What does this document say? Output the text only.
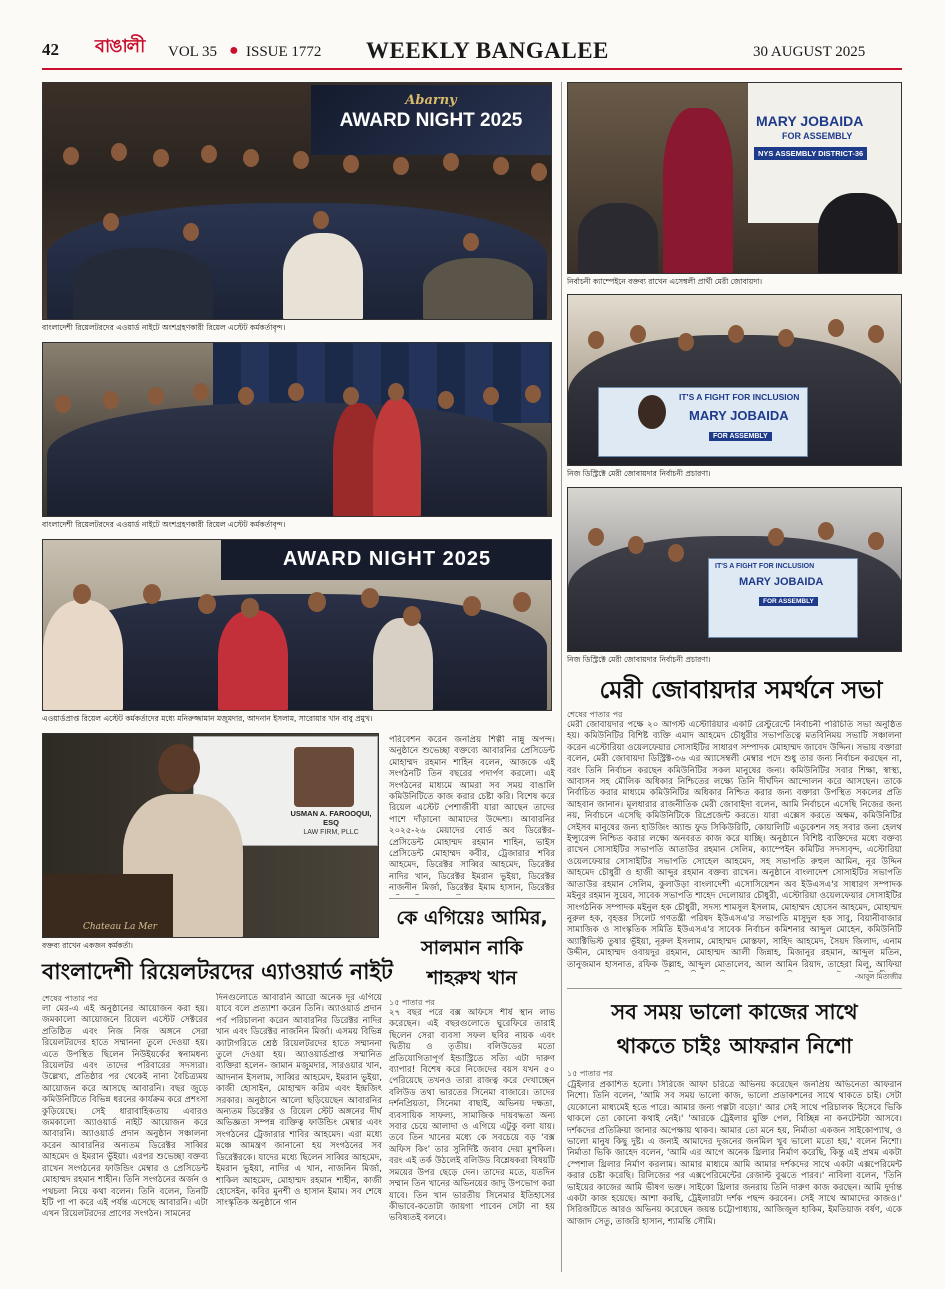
42 বাঙালী	VOL 35 ● ISSUE 1772 WEEKLY BANGALEE	30 AUGUST 2025
Abarny
AWARD NIGHT 2025
বাংলাদেশী রিয়েলটরদের এওয়ার্ড নাইটে অংশগ্রহণকারী রিয়েল এস্টেট কর্মকর্তাবৃন্দ।
বাংলাদেশী রিয়েলটরদের এওয়ার্ড নাইটে অংশগ্রহণকারী রিয়েল এস্টেট কর্মকর্তাবৃন্দ।
AWARD NIGHT 2025
এওয়ার্ডপ্রাপ্ত রিয়েল এস্টেট কর্মকর্তাদের মধ্যে মনিরুজ্জামান মজুমদার, আদনান ইসলাম, সারোয়ার খান বাবু প্রমুখ।
USMAN A. FAROOQUI, ESQ
LAW FIRM, PLLC
Chateau La Mer
বক্তব্য রাখেন একজন কর্মকর্তা।
বাংলাদেশী রিয়েলটরদের এ্যাওয়ার্ড নাইট
শেষের পাতার পর
লা মের-এ এই অনুষ্ঠানের আয়োজন করা হয়। জমকালো আয়োজনে রিয়েল এস্টেট সেক্টরের প্রতিষ্ঠিত এবং নিজ নিজ অঙ্গনে সেরা রিয়েলটরদের হাতে সম্মাননা তুলে দেওয়া হয়। এতে উপস্থিত ছিলেন নিউইয়র্কের স্বনামধন্য রিয়েলটর এবং তাদের পরিবারের সদস্যরা। উল্লেখ্য, প্রতিষ্ঠার পর থেকেই নানা বৈচিত্র্যময় আয়োজন করে আসছে আবারনি। বছর জুড়ে কমিউনিটিতে বিভিন্ন ধরনের কার্যক্রম করে প্রশংসা কুড়িয়েছে। সেই ধারাবাহিকতায় এবারও জমকালো অ্যাওয়ার্ড নাইট আয়োজন করে আবারনি। অ্যাওয়ার্ড প্রদান অনুষ্ঠান সঞ্চালনা করেন আবারনির অন্যতম ডিরেক্টর সাব্বির আহমেদ ও ইমরান ভুঁইয়া। এরপর শুভেচ্ছা বক্তব্য রাখেন সংগঠনের ফাউন্ডিং মেম্বার ও প্রেসিডেন্ট মোহাম্মদ রহমান শাহীন। তিনি সংগঠনের অর্জন ও পথচলা নিয়ে কথা বলেন। তিনি বলেন, তিনটি ইটি পা পা করে এই পর্যন্ত এসেছে আবারনি। এটা এখন রিয়েলটরদের প্রাণের সংগঠন। সামনের
দিনগুলোতে আবারনি আরো অনেক দূর এগিয়ে যাবে বলে প্রত্যাশা করেন তিনি। অ্যাওয়ার্ড প্রদান পর্ব পরিচালনা করেন আবারনির ডিরেক্টর নাদির খান এবং ডিরেক্টর নাজনিন মির্জা। এসময় বিভিন্ন ক্যাটাগরিতে শ্রেষ্ঠ রিয়েলটরদের হাতে সম্মাননা তুলে দেওয়া হয়। অ্যাওয়ার্ডপ্রাপ্ত সম্মানিত ব্যক্তিরা হলেন- জামান মজুমদার, সারওয়ার খান, আদনান ইসলাম, সাব্বির আহমেদ, ইমরান ভুইয়া, কাজী হোসাইন, মোহাম্মদ করিম এবং ইন্দ্রজিৎ সরকার। অনুষ্ঠানে আলো ছড়িয়েছেন আবারনির অন্যতম ডিরেক্টর ও রিয়েল স্টেট অঙ্গনের দীর্ঘ অভিজ্ঞতা সম্পন্ন ব্যক্তিত্ব ফাউন্ডিং মেম্বার এবং সংগঠনের ট্রেজারার শাবির আহমেদ। এরা মধ্যে মঞ্চে আমন্ত্রণ জানানো হয় সংগঠনের সব ডিরেক্টরকে। যাদের মধ্যে ছিলেন সাব্বির আহমেদ, ইমরান ভুইয়া, নাদির এ খান, নাজনিন মির্জা, শাকিল আহমেদ, মোহাম্মদ রহমান শাহীন, কাজী হোসেইন, কবির মুনশী ও হাসান ইমাম। সব শেষে সাংস্কৃতিক অনুষ্ঠানে গান
পরিবেশন করেন জনপ্রিয় শিল্পী নান্নু অপন্দ। অনুষ্ঠানে শুভেচ্ছা বক্তব্যে আবারনির প্রেসিডেন্ট মোহাম্মদ রহমান শাহিন বলেন, আজকে এই সংগঠনটি তিন বছরের পদার্পণ করলো। এই সংগঠনের মাধ্যমে আমরা সব সময় বাঙালি কমিউনিটিতে কাজ করার চেষ্টা করি। বিশেষ করে রিয়েল এস্টেট পেশাজীবী যারা আছেন তাদের পাশে দাঁড়ানো আমাদের উদ্দেশ্য। আবারনির ২০২৫-২৬ মেয়াদের বোর্ড অব ডিরেক্টর- প্রেসিডেন্ট মোহাম্মদ রহমান শাহিন, ভাইস প্রেসিডেন্ট মোহাম্মদ কবীর, ট্রেজারার শবির আহমেদ, ডিরেক্টর সাব্বির আহমেদ, ডিরেক্টর নাদির খান, ডিরেক্টর ইমরান ভুইয়া, ডিরেক্টর নাজনীন মির্জা, ডিরেক্টর ইমাম হাসান, ডিরেক্টর
কে এগিয়েঃ আমির,
সালমান নাকি
শাহরুখ খান
১৫ পাতার পর
২৭ বছর পরে বক্স অফিসে শীর্ষ স্থান লাভ করেছেন। এই বছরগুলোতে ঘুরেফিরে তারাই ছিলেন সেরা ব্যবসা সফল ছবির নায়ক এবং দ্বিতীয় ও তৃতীয়। বলিউডের মতো প্রতিযোগিতাপূর্ণ ইন্ডাস্ট্রিতে সত্যি এটা দারুণ ব্যাপার! বিশেষ করে নিজেদের বয়স যখন ৫০ পেরিয়েছে তখনও তারা রাজত্ব করে দেখাচ্ছেন বলিউড তথা ভারতের সিনেমা বাজারে। তাদের দর্শনপ্রিয়তা, সিনেমা বাছাই, অভিনয় দক্ষতা, ব্যবসায়িক সাফল্য, সামাজিক দায়বদ্ধতা অন্য সবার চেয়ে আলাদা ও এগিয়ে এটুকু বলা যায়। তবে তিন খানের মধ্যে কে সবচেয়ে বড় ‘বক্স অফিস কিং’ তার সুনির্দিষ্ট জবাব দেয়া মুশকিল। বরং এই তর্ক উঠলেই বলিউড বিশ্লেষকরা বিষয়টি সময়ের উপর ছেড়ে দেন। তাদের মতে, যতদিন সম্মান তিন খানের অভিনয়ের জাদু উপভোগ করা যাবে। তিন খান ভারতীয় সিনেমার ইতিহাসের কীভাবে-কতোটা জায়গা পাবেন সেটা না হয় ভবিষ্যতই বলবে।
MARY JOBAIDA
FOR ASSEMBLY
NYS ASSEMBLY DISTRICT-36
নির্বাচনী ক্যাম্পেইনে বক্তব্য রাখেন এসেম্বলী প্রার্থী মেরী জোবায়দা।
IT'S A FIGHT FOR INCLUSION
MARY JOBAIDA
FOR ASSEMBLY
নিজ ডিস্ট্রিক্টে মেরী জোবায়দার নির্বাচনী প্রচারণা।
IT'S A FIGHT FOR INCLUSION
MARY JOBAIDA
FOR ASSEMBLY
নিজ ডিস্ট্রিক্টে মেরী জোবায়দার নির্বাচনী প্রচারণা।
মেরী জোবায়দার সমর্থনে সভা
শেষের পাতার পর
মেরী জোবায়দার পক্ষে ২০ আগস্ট এস্টোরিয়ার একটি রেস্টুরেন্টে নির্বাচনী পরিচিতি সভা অনুষ্ঠিত হয়। কমিউনিটির বিশিষ্ট ব্যক্তি এমাদ আহমেদ চৌধুরীর সভাপতিত্বে মতবিনিময় সভাটি সঞ্চালনা করেন এস্টোরিয়া ওয়েলফেয়ার সোসাইটির সাধারণ সম্পাদক মোহাম্মদ জাবেদ উদ্দিন। সভায় বক্তারা বলেন, মেরী জোবায়দা ডিস্ট্রিক্ট-৩৬ এর অ্যাসেম্বলী মেম্বার পদে শুধু তার জন্য নির্বাচন করছেন না, বরং তিনি নির্বাচন করছেন কমিউনিটির সকল মানুষের জন্য। কমিউনিটির সবার শিক্ষা, স্বাস্থ্য, আবাসন সহ মৌলিক অধিকার নিশ্চিতের লক্ষ্যে তিনি দীর্ঘদিন আন্দোলন করে আসছেন। তাকে নির্বাচিত করার মাধ্যমে কমিউনিটির অধিকার নিশ্চিত করার জন্য বক্তারা উপস্থিত সকলের প্রতি আহবান জানান। মূলধারার রাজনীতিক মেরী জোবাইদা বলেন, আমি নির্বাচনে এসেছি নিজের জন্য নয়, নির্বাচনে এসেছি কমিউনিটিকে রিপ্রেজেন্ট করতে। যারা এক্সেস করতে অক্ষম, কমিউনিটির সেইসব মানুষের জন্য হাউজিং অ্যান্ড ফুড সিকিউরিটি, কোয়ালিটি এডুকেশন সহ সবার জন্য হেলথ ইন্স্যুরেন্স নিশ্চিত করার লক্ষ্যে অনবরত কাজ করে যাচ্ছি। অনুষ্ঠানে বিশিষ্ট ব্যক্তিদের মধ্যে বক্তব্য রাখেন সোসাইটির সভাপতি আতাউর রহমান সেলিম, ক্যাম্পেইন কমিটির সদস্যবৃন্দ, এস্টোরিয়া ওয়েলফেয়ার সোসাইটির সভাপতি সোহেল আহমেদ, সহ সভাপতি রুহুল আমিন, নূর উদ্দিন আহমেদ চৌধুরী ও হাজী আব্দুর রহমান বক্তব্য রাখেন। অনুষ্ঠানে বাংলাদেশ সোসাইটির সভাপতি আতাউর রহমান সেলিম, কুলাউড়া বাংলাদেশী এসোসিয়েশন অব ইউএসএ'র সাধারণ সম্পাদক মইনুর রহমান সুয়েব, সাবেক সভাপতি শাহেদ দেলোয়ার চৌধুরী, এস্টোরিয়া ওয়েলফেয়ার সোসাইটির সাংগঠনিক সম্পাদক মইনুল হক চৌধুরী, সদস্য শামসুল ইসলাম, মোহাম্মদ হোসেন আহমেদ, মোহাম্মদ নুরুল হক, বৃহত্তর সিলেট গণতন্ত্রী পরিষদ ইউএসএ'র সভাপতি মাসুদুল হক সাবু, বিয়ানীবাজার সামাজিক ও সাংস্কৃতিক সমিতি ইউএসএ'র সাবেক নির্বাচন কমিশনার আব্দুল মোহেন, কমিউনিটি অ্যাক্টিভিস্ট তুষার ভূঁইয়া, নূরুল ইসলাম, মোহাম্মদ মোস্তফা, সাহিদ আহমেদ, সৈয়দ জিলাদ, এনাম উদ্দীন, মোহাম্মদ ওবায়দুর রহমান, মোহাম্মদ আলী জিন্নাহ, মিজানুর রহমান, আব্দুল মতিন, তানুজমান হাসনাত, রফিক উল্লাহ, আব্দুল মোতালেব, আল আমিন রিয়াদ, তাহেরা মিলু, আফিয়া
-আবুল মিতাজীর
সব সময় ভালো কাজের সাথে
থাকতে চাইঃ আফরান নিশো
১৫ পাতার পর
ট্রেইলার প্রকাশিত হলো। সিরিজে আফা চরিত্রে অভিনয় করেছেন জনপ্রিয় অভিনেতা আফরান নিশো। তিনি বলেন, 'আমি সব সময় ভালো কাজ, ভালো প্রডাকশনের সাথে থাকতে চাই। সেটা যেকোনো মাধ্যমেই হতে পারে। আমার জন্য গল্পটা বড়ো।' আর সেই সাথে পরিচালক হিসেবে ভিকি থাকলে তো কোনো কথাই নেই।' 'আরকে ট্রেইলার মুক্তি পেল, বিচ্ছিন্ন না কনটেন্টটা আসবে। দর্শকদের প্রতিক্রিয়া জানার অপেক্ষায় থাকব। আমার তো মনে হয়, নির্মাতা একজন সাইকোপ্যাথ, ও ভালো মানুষ কিছু দুষ্ট। এ জন্যই আমাদের দুজনের জনমিল খুব ভালো মতো হয়,' বলেন নিশো। নির্মাতা ভিকি জাহেদ বলেন, 'আমি এর আগে অনেক থ্রিলার নির্মাণ করেছি, কিন্তু এই প্রথম একটা স্পেশাল থ্রিলার নির্মাণ করলাম। আমার মাধ্যমে আমি আমার দর্শকদের সাথে একটা এক্সপেরিমেন্ট করার চেষ্টা করেছি। রিলিজের পর এক্সপেরিমেন্টের রেজাল্ট বুঝতে পারব।' নাবিলা বলেন, 'তিনি ভাইয়ের কাজের আমি ভীষণ ভক্ত। সাইকো থ্রিলার জনরায় তিনি দারুণ কাজ করছেন। আমি দুর্দান্ত একটা কাজ হয়েছে। আশা করছি, ট্রেইলারটা দর্শক পছন্দ করবেন। সেই সাথে আমাদের কাজও।' সিরিজটিতে আরও অভিনয় করেছেন জয়ন্ত চট্টোপাধ্যায়, আজিজুল হাকিম, ইমতিয়াজ বর্ষণ, একে আজাদ সেতু, তাজরি হাসান, শ্যামন্তি সৌমি।
